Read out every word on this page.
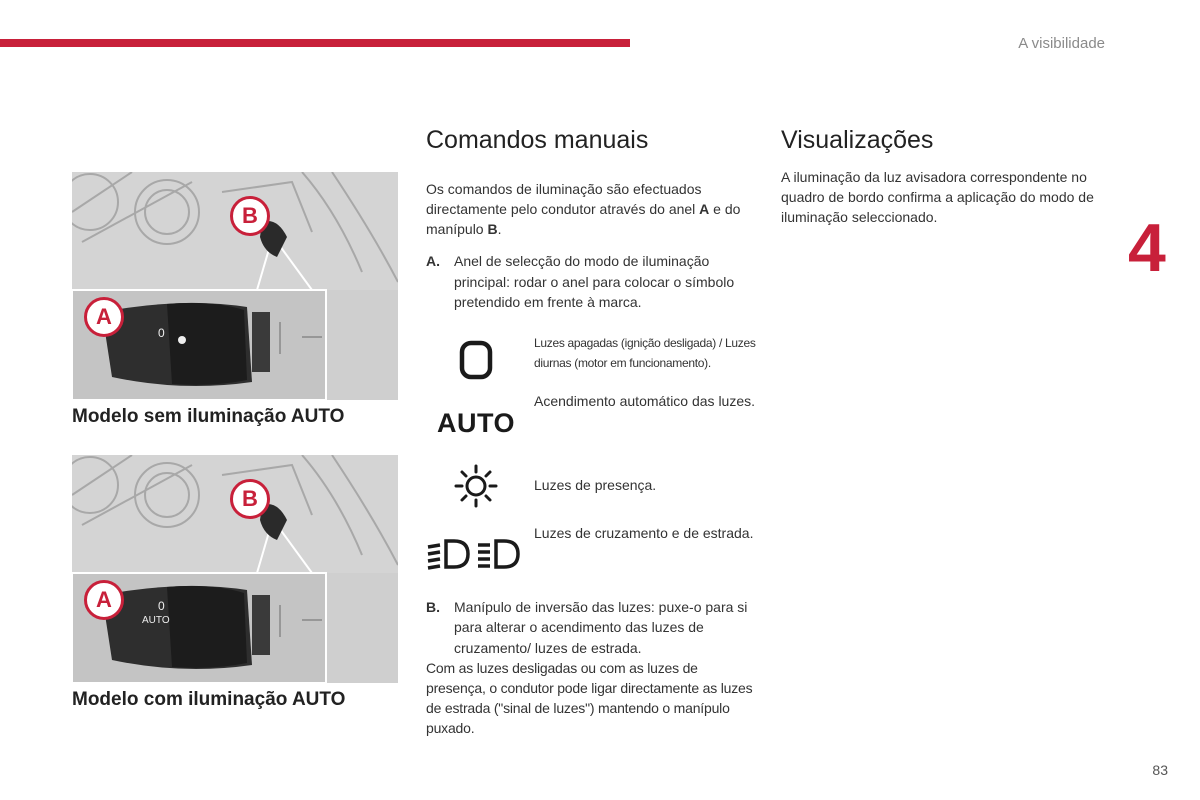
A visibilidade
4
A
B
0
Modelo sem iluminação AUTO
A
B
0
AUTO
Modelo com iluminação AUTO
Comandos manuais

Os comandos de iluminação são efectuados directamente pelo condutor através do anel A e do manípulo B.

A. Anel de selecção do modo de iluminação principal: rodar o anel para colocar o símbolo pretendido em frente à marca.
Luzes apagadas (ignição desligada) / Luzes diurnas (motor em funcionamento).
AUTO
Acendimento automático das luzes.
Luzes de presença.
Luzes de cruzamento e de estrada.
B. Manípulo de inversão das luzes: puxe-o para si para alterar o acendimento das luzes de cruzamento/ luzes de estrada.

Com as luzes desligadas ou com as luzes de presença, o condutor pode ligar directamente as luzes de estrada ("sinal de luzes") mantendo o manípulo puxado.

Visualizações

A iluminação da luz avisadora correspondente no quadro de bordo confirma a aplicação do modo de iluminação seleccionado.

83
